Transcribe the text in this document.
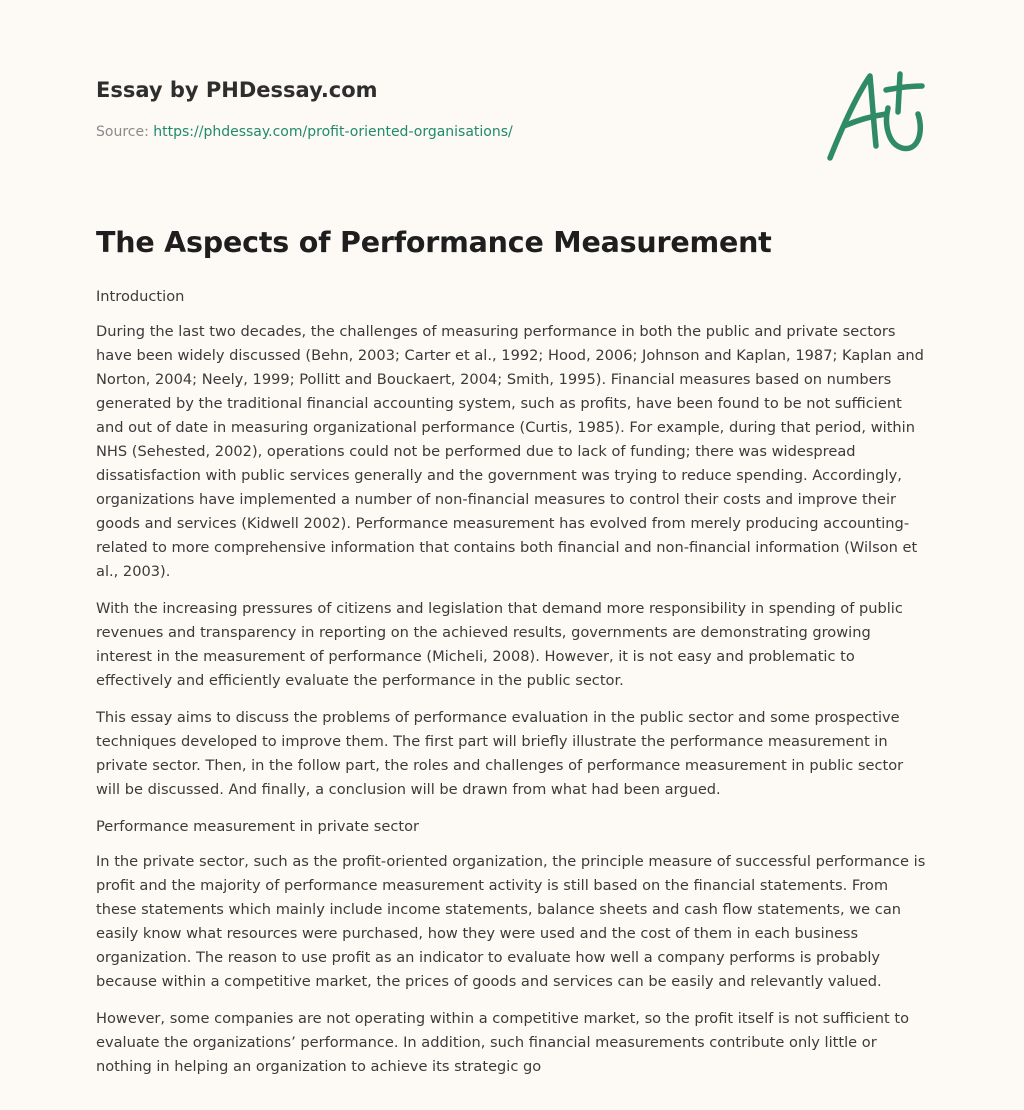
Essay by PHDessay.com
Source: https://phdessay.com/profit-oriented-organisations/
The Aspects of Performance Measurement

Introduction

During the last two decades, the challenges of measuring performance in both the public and private sectors have been widely discussed (Behn, 2003; Carter et al., 1992; Hood, 2006; Johnson and Kaplan, 1987; Kaplan and Norton, 2004; Neely, 1999; Pollitt and Bouckaert, 2004; Smith, 1995). Financial measures based on numbers generated by the traditional financial accounting system, such as profits, have been found to be not sufficient and out of date in measuring organizational performance (Curtis, 1985). For example, during that period, within NHS (Sehested, 2002), operations could not be performed due to lack of funding; there was widespread dissatisfaction with public services generally and the government was trying to reduce spending. Accordingly, organizations have implemented a number of non-financial measures to control their costs and improve their goods and services (Kidwell 2002). Performance measurement has evolved from merely producing accounting-related to more comprehensive information that contains both financial and non-financial information (Wilson et al., 2003).

With the increasing pressures of citizens and legislation that demand more responsibility in spending of public revenues and transparency in reporting on the achieved results, governments are demonstrating growing interest in the measurement of performance (Micheli, 2008). However, it is not easy and problematic to effectively and efficiently evaluate the performance in the public sector.

This essay aims to discuss the problems of performance evaluation in the public sector and some prospective techniques developed to improve them. The first part will briefly illustrate the performance measurement in private sector. Then, in the follow part, the roles and challenges of performance measurement in public sector will be discussed. And finally, a conclusion will be drawn from what had been argued.

Performance measurement in private sector

In the private sector, such as the profit-oriented organization, the principle measure of successful performance is profit and the majority of performance measurement activity is still based on the financial statements. From these statements which mainly include income statements, balance sheets and cash flow statements, we can easily know what resources were purchased, how they were used and the cost of them in each business organization. The reason to use profit as an indicator to evaluate how well a company performs is probably because within a competitive market, the prices of goods and services can be easily and relevantly valued.

However, some companies are not operating within a competitive market, so the profit itself is not sufficient to evaluate the organizations’ performance. In addition, such financial measurements contribute only little or nothing in helping an organization to achieve its strategic go
